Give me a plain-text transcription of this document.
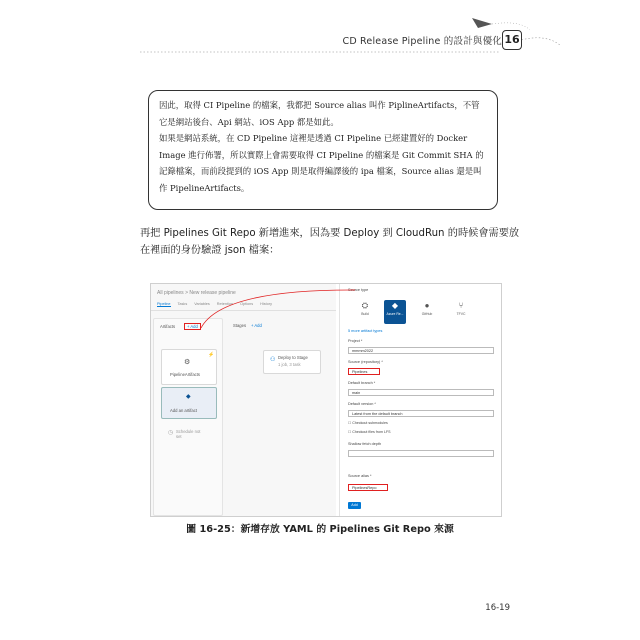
CD Release Pipeline 的設計與優化 16

因此，取得 CI Pipeline 的檔案，我都把 Source alias 叫作 PiplineArtifacts，不管它是網站後台、Api 網站、iOS App 都是如此。

如果是網站系統，在 CD Pipeline 這裡是透過 CI Pipeline 已經建置好的 Docker Image 進行佈署，所以實際上會需要取得 CI Pipeline 的檔案是 Git Commit SHA 的記錄檔案，而前段提到的 iOS App 則是取得編譯後的 ipa 檔案，Source alias 還是叫作 PipelineArtifacts。

再把 Pipelines Git Repo 新增進來，因為要 Deploy 到 CloudRun 的時候會需要放在裡面的身份驗證 json 檔案：
All pipelines > New release pipeline
Pipeline Tasks Variables Retention Options History
Artifacts	+ Add
⚙
PipelineArtifacts
⚡
◆
Add an artifact
◷ Schedule not set
Stages + Add
⚇ Deploy to Stage
1 job, 3 task
Source type
⛭
Build
◆
Azure Re...
●
GitHub
⑂
TFVC
5 more artifact types
Project *
mmmm2022
Source (repository) *
Pipelines
Default branch *
main
Default version *
Latest from the default branch
☐ Checkout submodules
☐ Checkout files from LFS
Shallow fetch depth
Source alias *
PipelinesRepo
Add
圖 16-25：新增存放 YAML 的 Pipelines Git Repo 來源
16-19
